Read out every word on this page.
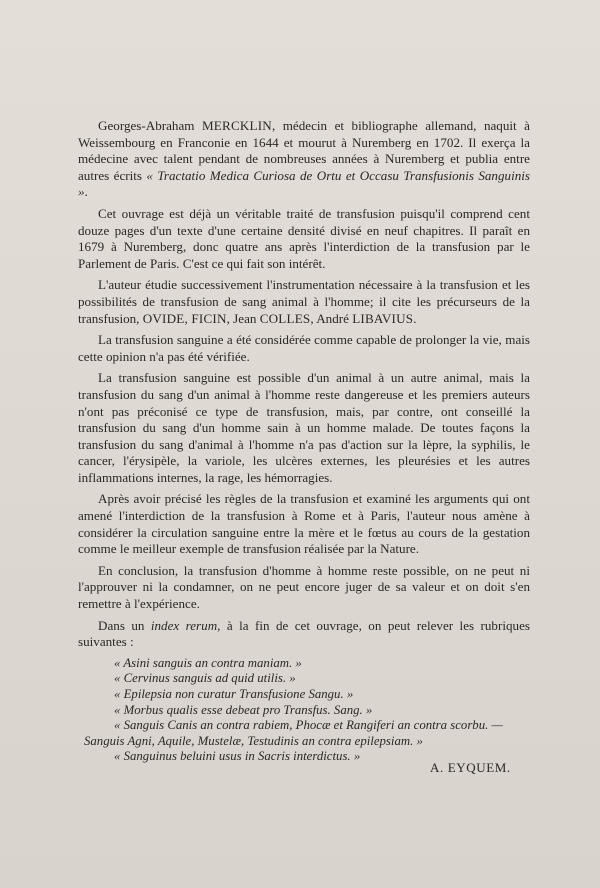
Georges-Abraham MERCKLIN, médecin et bibliographe allemand, naquit à Weissembourg en Franconie en 1644 et mourut à Nuremberg en 1702. Il exerça la médecine avec talent pendant de nombreuses années à Nuremberg et publia entre autres écrits « Tractatio Medica Curiosa de Ortu et Occasu Transfusionis Sanguinis ».

Cet ouvrage est déjà un véritable traité de transfusion puisqu'il comprend cent douze pages d'un texte d'une certaine densité divisé en neuf chapitres. Il paraît en 1679 à Nuremberg, donc quatre ans après l'interdiction de la transfusion par le Parlement de Paris. C'est ce qui fait son intérêt.

L'auteur étudie successivement l'instrumentation nécessaire à la transfusion et les possibilités de transfusion de sang animal à l'homme; il cite les précurseurs de la transfusion, OVIDE, FICIN, Jean COLLES, André LIBAVIUS.

La transfusion sanguine a été considérée comme capable de prolonger la vie, mais cette opinion n'a pas été vérifiée.

La transfusion sanguine est possible d'un animal à un autre animal, mais la transfusion du sang d'un animal à l'homme reste dangereuse et les premiers auteurs n'ont pas préconisé ce type de transfusion, mais, par contre, ont conseillé la transfusion du sang d'un homme sain à un homme malade. De toutes façons la transfusion du sang d'animal à l'homme n'a pas d'action sur la lèpre, la syphilis, le cancer, l'érysipèle, la variole, les ulcères externes, les pleurésies et les autres inflammations internes, la rage, les hémorragies.

Après avoir précisé les règles de la transfusion et examiné les arguments qui ont amené l'interdiction de la transfusion à Rome et à Paris, l'auteur nous amène à considérer la circulation sanguine entre la mère et le fœtus au cours de la gestation comme le meilleur exemple de transfusion réalisée par la Nature.

En conclusion, la transfusion d'homme à homme reste possible, on ne peut ni l'approuver ni la condamner, on ne peut encore juger de sa valeur et on doit s'en remettre à l'expérience.

Dans un index rerum, à la fin de cet ouvrage, on peut relever les rubriques suivantes :

« Asini sanguis an contra maniam. »
« Cervinus sanguis ad quid utilis. »
« Epilepsia non curatur Transfusione Sangu. »
« Morbus qualis esse debeat pro Transfus. Sang. »
« Sanguis Canis an contra rabiem, Phocæ et Rangiferi an contra scorbu. —
Sanguis Agni, Aquile, Mustelæ, Testudinis an contra epilepsiam. »
« Sanguinus beluini usus in Sacris interdictus. »
A. EYQUEM.
